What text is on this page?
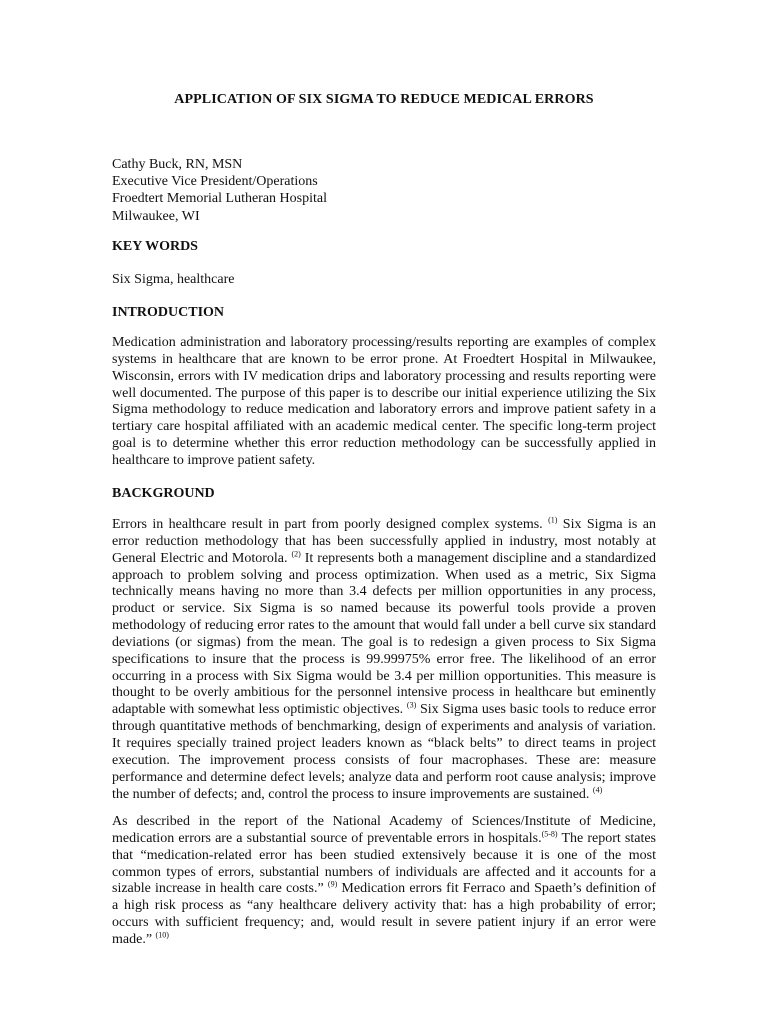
APPLICATION OF SIX SIGMA TO REDUCE MEDICAL ERRORS
Cathy Buck, RN, MSN
Executive Vice President/Operations
Froedtert Memorial Lutheran Hospital
Milwaukee, WI
KEY WORDS
Six Sigma, healthcare
INTRODUCTION
Medication administration and laboratory processing/results reporting are examples of complex systems in healthcare that are known to be error prone. At Froedtert Hospital in Milwaukee, Wisconsin, errors with IV medication drips and laboratory processing and results reporting were well documented. The purpose of this paper is to describe our initial experience utilizing the Six Sigma methodology to reduce medication and laboratory errors and improve patient safety in a tertiary care hospital affiliated with an academic medical center. The specific long-term project goal is to determine whether this error reduction methodology can be successfully applied in healthcare to improve patient safety.
BACKGROUND
Errors in healthcare result in part from poorly designed complex systems. $^{(1)}$ Six Sigma is an error reduction methodology that has been successfully applied in industry, most notably at General Electric and Motorola. $^{(2)}$ It represents both a management discipline and a standardized approach to problem solving and process optimization. When used as a metric, Six Sigma technically means having no more than 3.4 defects per million opportunities in any process, product or service. Six Sigma is so named because its powerful tools provide a proven methodology of reducing error rates to the amount that would fall under a bell curve six standard deviations (or sigmas) from the mean. The goal is to redesign a given process to Six Sigma specifications to insure that the process is 99.99975% error free. The likelihood of an error occurring in a process with Six Sigma would be 3.4 per million opportunities. This measure is thought to be overly ambitious for the personnel intensive process in healthcare but eminently adaptable with somewhat less optimistic objectives. $^{(3)}$ Six Sigma uses basic tools to reduce error through quantitative methods of benchmarking, design of experiments and analysis of variation. It requires specially trained project leaders known as “black belts” to direct teams in project execution. The improvement process consists of four macrophases. These are: measure performance and determine defect levels; analyze data and perform root cause analysis; improve the number of defects; and, control the process to insure improvements are sustained. $^{(4)}$
As described in the report of the National Academy of Sciences/Institute of Medicine, medication errors are a substantial source of preventable errors in hospitals.$^{(5-8)}$ The report states that “medication-related error has been studied extensively because it is one of the most common types of errors, substantial numbers of individuals are affected and it accounts for a sizable increase in health care costs.” $^{(9)}$ Medication errors fit Ferraco and Spaeth’s definition of a high risk process as “any healthcare delivery activity that: has a high probability of error; occurs with sufficient frequency; and, would result in severe patient injury if an error were made.” $^{(10)}$
